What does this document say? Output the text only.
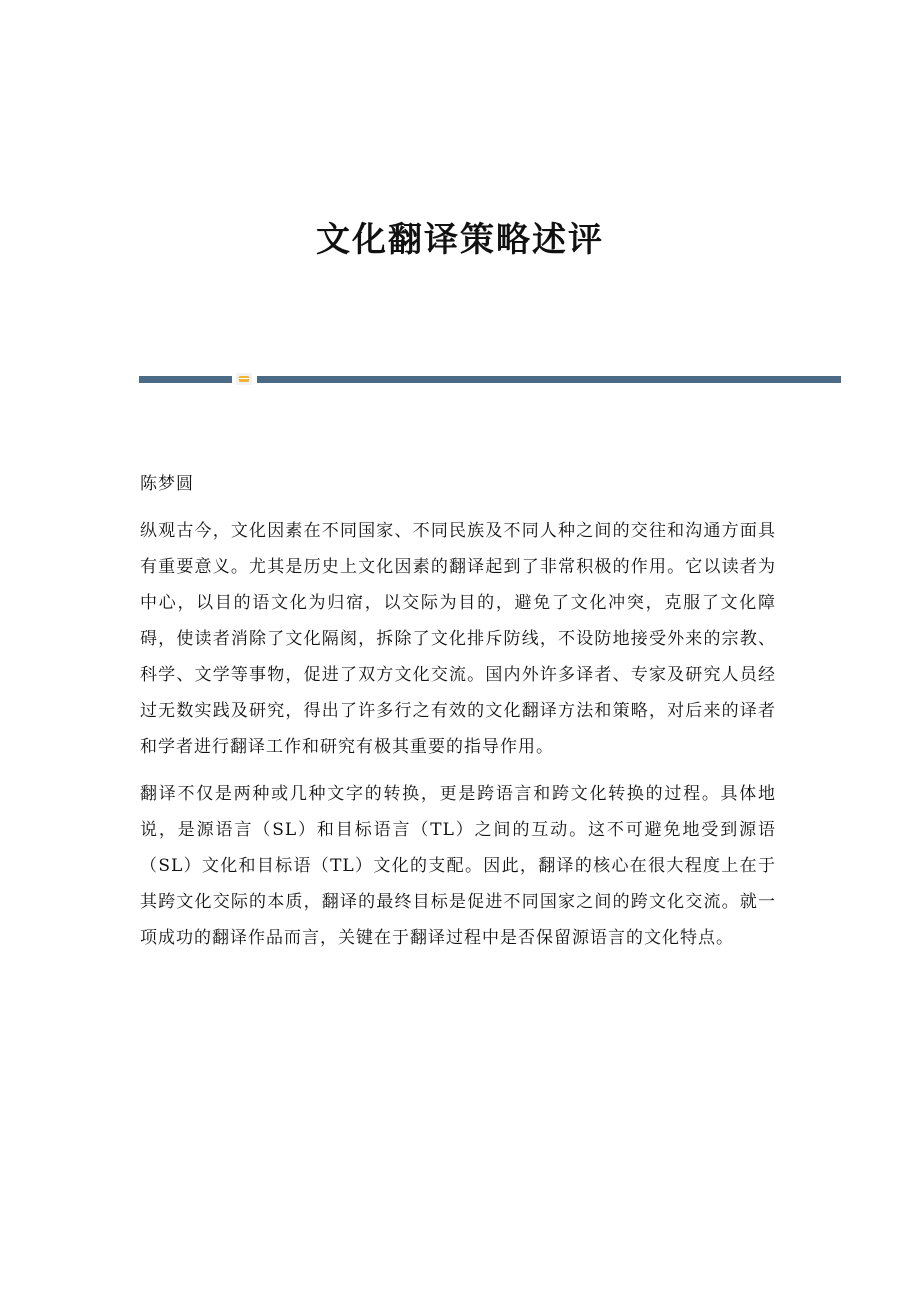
文化翻译策略述评

陈梦圆

纵观古今，文化因素在不同国家、不同民族及不同人种之间的交往和沟通方面具有重要意义。尤其是历史上文化因素的翻译起到了非常积极的作用。它以读者为中心，以目的语文化为归宿，以交际为目的，避免了文化冲突，克服了文化障碍，使读者消除了文化隔阂，拆除了文化排斥防线，不设防地接受外来的宗教、科学、文学等事物，促进了双方文化交流。国内外许多译者、专家及研究人员经过无数实践及研究，得出了许多行之有效的文化翻译方法和策略，对后来的译者和学者进行翻译工作和研究有极其重要的指导作用。

翻译不仅是两种或几种文字的转换，更是跨语言和跨文化转换的过程。具体地说，是源语言（SL）和目标语言（TL）之间的互动。这不可避免地受到源语（SL）文化和目标语（TL）文化的支配。因此，翻译的核心在很大程度上在于其跨文化交际的本质，翻译的最终目标是促进不同国家之间的跨文化交流。就一项成功的翻译作品而言，关键在于翻译过程中是否保留源语言的文化特点。
